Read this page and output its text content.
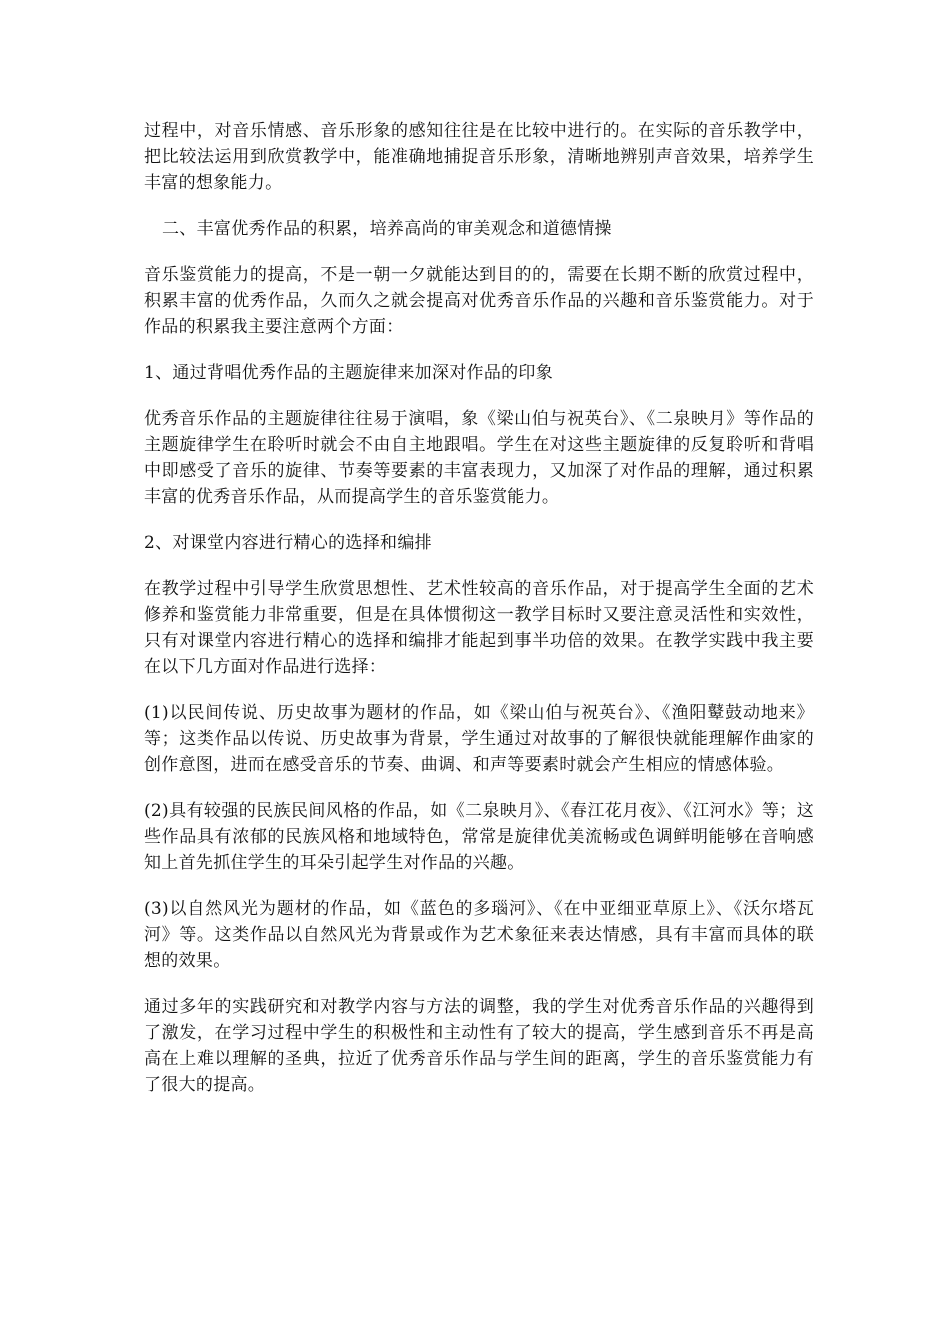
过程中，对音乐情感、音乐形象的感知往往是在比较中进行的。在实际的音乐教学中，把比较法运用到欣赏教学中，能准确地捕捉音乐形象，清晰地辨别声音效果，培养学生丰富的想象能力。

二、丰富优秀作品的积累，培养高尚的审美观念和道德情操

音乐鉴赏能力的提高，不是一朝一夕就能达到目的的，需要在长期不断的欣赏过程中，积累丰富的优秀作品，久而久之就会提高对优秀音乐作品的兴趣和音乐鉴赏能力。对于作品的积累我主要注意两个方面：

1、通过背唱优秀作品的主题旋律来加深对作品的印象

优秀音乐作品的主题旋律往往易于演唱，象《梁山伯与祝英台》、《二泉映月》等作品的主题旋律学生在聆听时就会不由自主地跟唱。学生在对这些主题旋律的反复聆听和背唱中即感受了音乐的旋律、节奏等要素的丰富表现力，又加深了对作品的理解，通过积累丰富的优秀音乐作品，从而提高学生的音乐鉴赏能力。

2、对课堂内容进行精心的选择和编排

在教学过程中引导学生欣赏思想性、艺术性较高的音乐作品，对于提高学生全面的艺术修养和鉴赏能力非常重要，但是在具体惯彻这一教学目标时又要注意灵活性和实效性，只有对课堂内容进行精心的选择和编排才能起到事半功倍的效果。在教学实践中我主要在以下几方面对作品进行选择：

(1)以民间传说、历史故事为题材的作品，如《梁山伯与祝英台》、《渔阳鼙鼓动地来》等；这类作品以传说、历史故事为背景，学生通过对故事的了解很快就能理解作曲家的创作意图，进而在感受音乐的节奏、曲调、和声等要素时就会产生相应的情感体验。

(2)具有较强的民族民间风格的作品，如《二泉映月》、《春江花月夜》、《江河水》等；这些作品具有浓郁的民族风格和地域特色，常常是旋律优美流畅或色调鲜明能够在音响感知上首先抓住学生的耳朵引起学生对作品的兴趣。

(3)以自然风光为题材的作品，如《蓝色的多瑙河》、《在中亚细亚草原上》、《沃尔塔瓦河》等。这类作品以自然风光为背景或作为艺术象征来表达情感，具有丰富而具体的联想的效果。

通过多年的实践研究和对教学内容与方法的调整，我的学生对优秀音乐作品的兴趣得到了激发，在学习过程中学生的积极性和主动性有了较大的提高，学生感到音乐不再是高高在上难以理解的圣典，拉近了优秀音乐作品与学生间的距离，学生的音乐鉴赏能力有了很大的提高。
